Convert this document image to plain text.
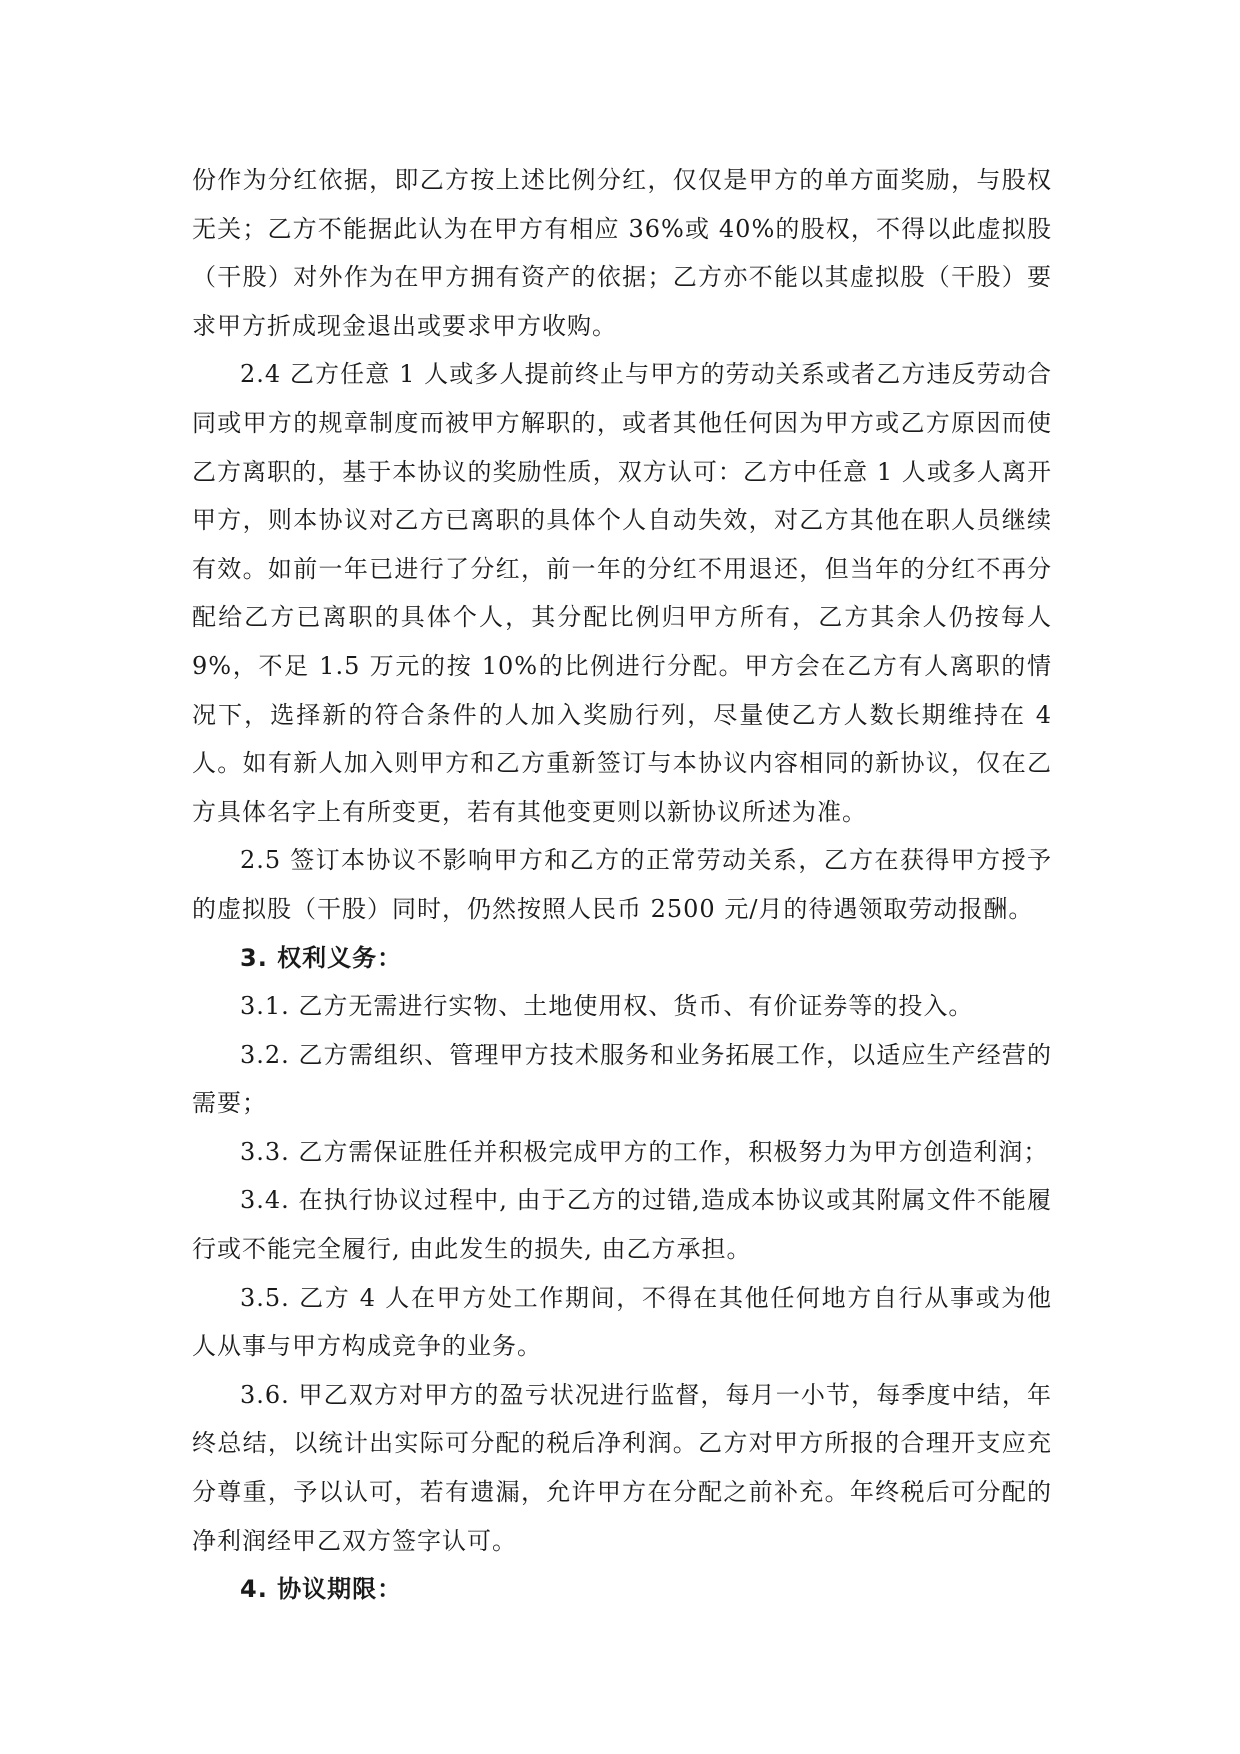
份作为分红依据，即乙方按上述比例分红，仅仅是甲方的单方面奖励，与股权无关；乙方不能据此认为在甲方有相应 36%或 40%的股权，不得以此虚拟股（干股）对外作为在甲方拥有资产的依据；乙方亦不能以其虚拟股（干股）要求甲方折成现金退出或要求甲方收购。

2.4 乙方任意 1 人或多人提前终止与甲方的劳动关系或者乙方违反劳动合同或甲方的规章制度而被甲方解职的，或者其他任何因为甲方或乙方原因而使乙方离职的，基于本协议的奖励性质，双方认可：乙方中任意 1 人或多人离开甲方，则本协议对乙方已离职的具体个人自动失效，对乙方其他在职人员继续有效。如前一年已进行了分红，前一年的分红不用退还，但当年的分红不再分配给乙方已离职的具体个人，其分配比例归甲方所有，乙方其余人仍按每人 9%，不足 1.5 万元的按 10%的比例进行分配。甲方会在乙方有人离职的情况下，选择新的符合条件的人加入奖励行列，尽量使乙方人数长期维持在 4 人。如有新人加入则甲方和乙方重新签订与本协议内容相同的新协议，仅在乙方具体名字上有所变更，若有其他变更则以新协议所述为准。

2.5 签订本协议不影响甲方和乙方的正常劳动关系，乙方在获得甲方授予的虚拟股（干股）同时，仍然按照人民币 2500 元/月的待遇领取劳动报酬。

3. 权利义务：

3.1. 乙方无需进行实物、土地使用权、货币、有价证券等的投入。

3.2. 乙方需组织、管理甲方技术服务和业务拓展工作，以适应生产经营的需要；

3.3. 乙方需保证胜任并积极完成甲方的工作，积极努力为甲方创造利润；

3.4. 在执行协议过程中, 由于乙方的过错,造成本协议或其附属文件不能履行或不能完全履行, 由此发生的损失, 由乙方承担。

3.5. 乙方 4 人在甲方处工作期间，不得在其他任何地方自行从事或为他人从事与甲方构成竞争的业务。

3.6. 甲乙双方对甲方的盈亏状况进行监督，每月一小节，每季度中结，年终总结，以统计出实际可分配的税后净利润。乙方对甲方所报的合理开支应充分尊重，予以认可，若有遗漏，允许甲方在分配之前补充。年终税后可分配的净利润经甲乙双方签字认可。

4. 协议期限：
